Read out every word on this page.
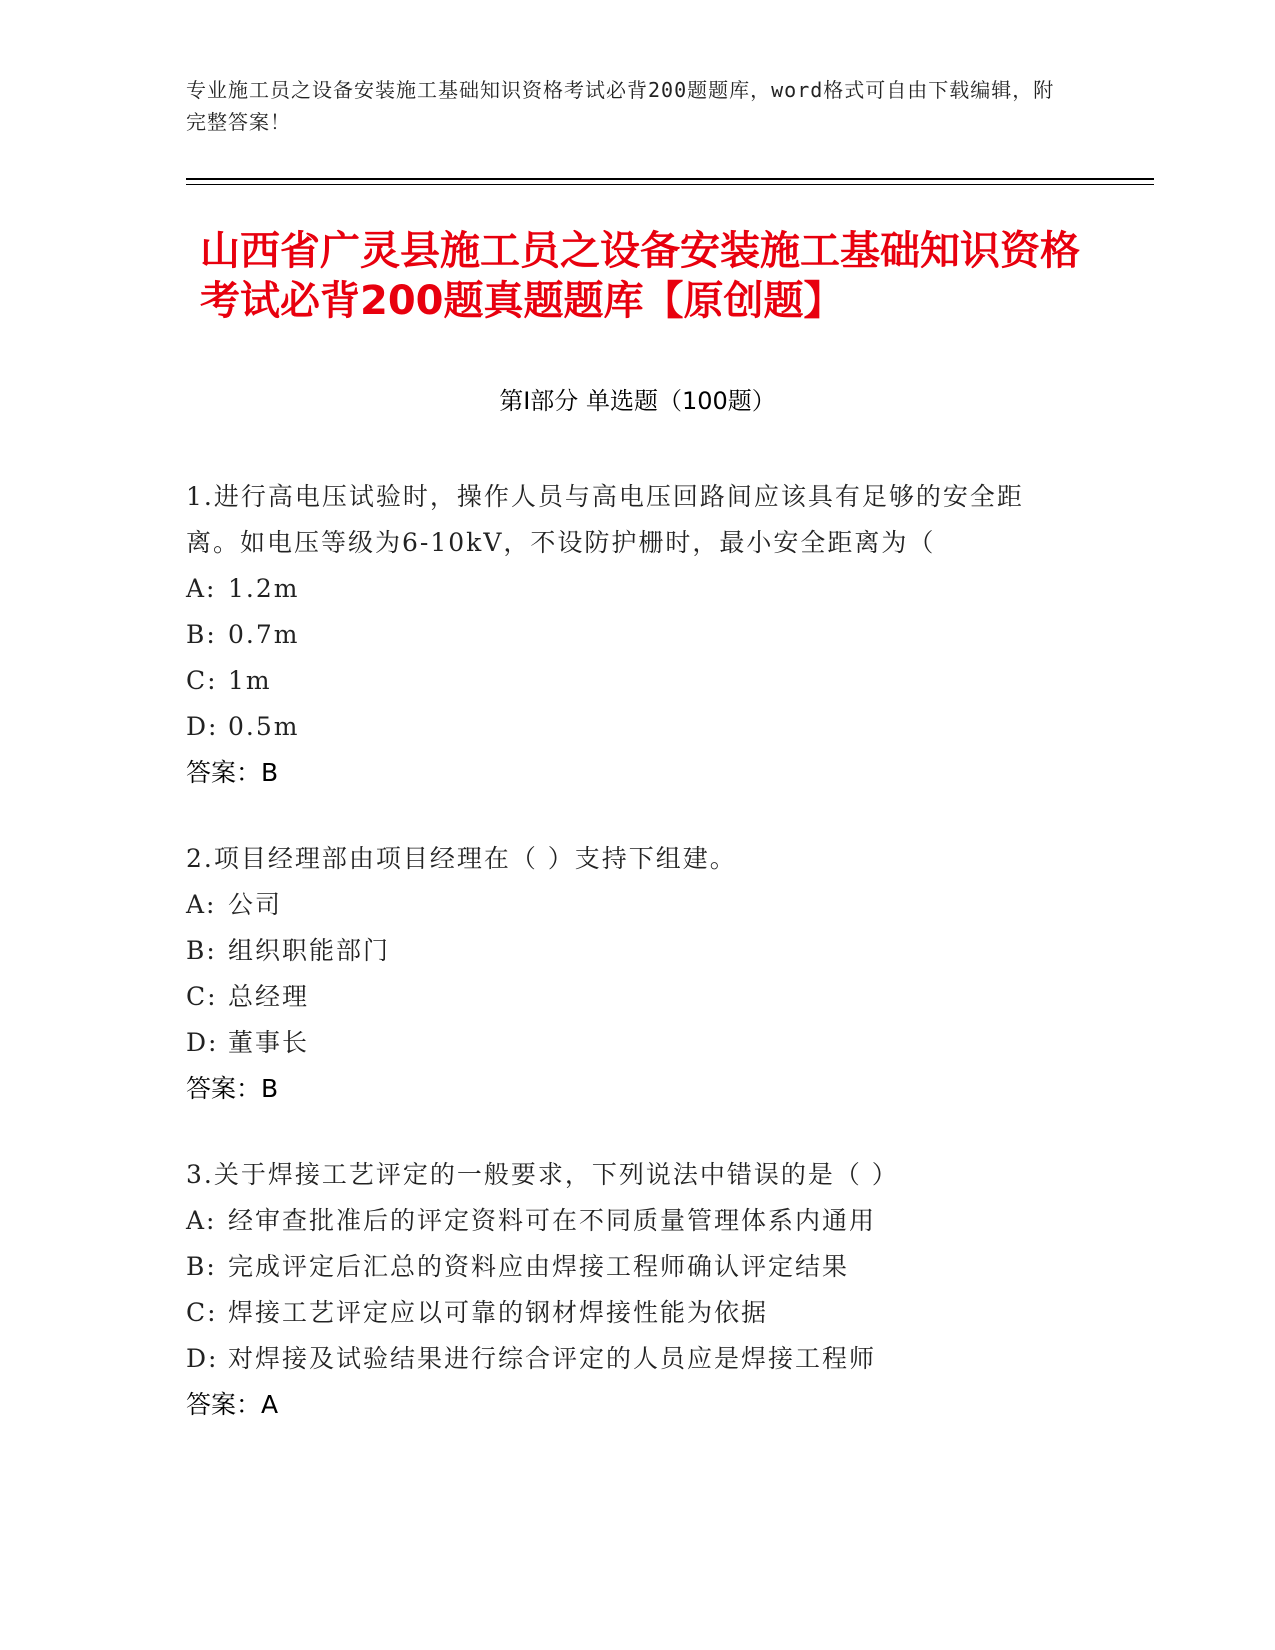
专业施工员之设备安装施工基础知识资格考试必背200题题库，word格式可自由下载编辑，附完整答案！
山西省广灵县施工员之设备安装施工基础知识资格考试必背200题真题题库【原创题】
第Ⅰ部分 单选题（100题）
1.进行高电压试验时，操作人员与高电压回路间应该具有足够的安全距离。如电压等级为6-10kV，不设防护栅时，最小安全距离为（
A: 1.2m
B: 0.7m
C: 1m
D: 0.5m
答案：B
2.项目经理部由项目经理在（ ）支持下组建。
A: 公司
B: 组织职能部门
C: 总经理
D: 董事长
答案：B
3.关于焊接工艺评定的一般要求，下列说法中错误的是（ ）
A: 经审查批准后的评定资料可在不同质量管理体系内通用
B: 完成评定后汇总的资料应由焊接工程师确认评定结果
C: 焊接工艺评定应以可靠的钢材焊接性能为依据
D: 对焊接及试验结果进行综合评定的人员应是焊接工程师
答案：A
